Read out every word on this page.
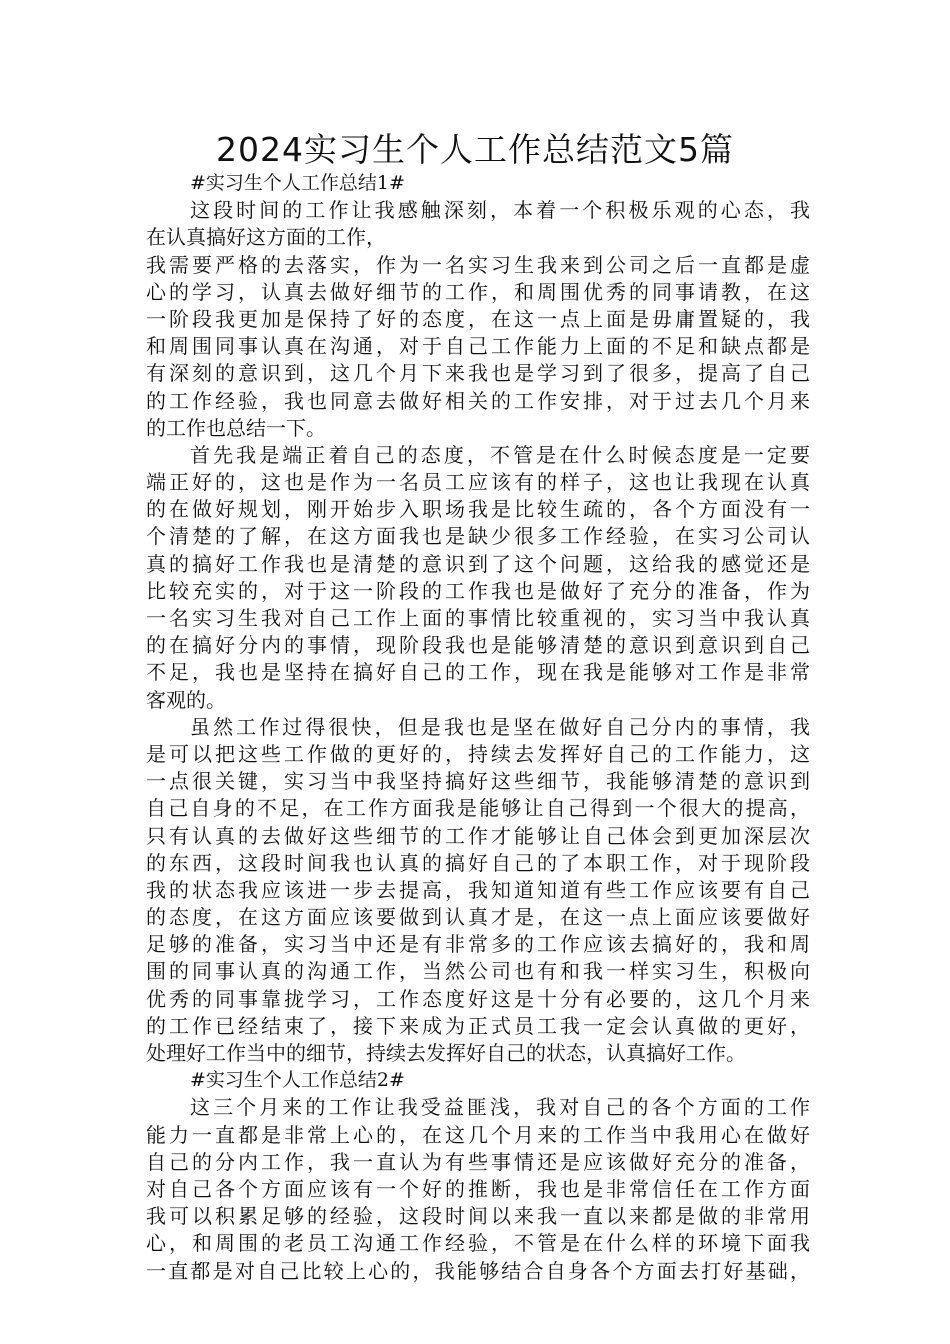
2024实习生个人工作总结范文5篇
#实习生个人工作总结1#
这段时间的工作让我感触深刻，本着一个积极乐观的心态，我
在认真搞好这方面的工作，
我需要严格的去落实，作为一名实习生我来到公司之后一直都是虚
心的学习，认真去做好细节的工作，和周围优秀的同事请教，在这
一阶段我更加是保持了好的态度，在这一点上面是毋庸置疑的，我
和周围同事认真在沟通，对于自己工作能力上面的不足和缺点都是
有深刻的意识到，这几个月下来我也是学习到了很多，提高了自己
的工作经验，我也同意去做好相关的工作安排，对于过去几个月来
的工作也总结一下。
首先我是端正着自己的态度，不管是在什么时候态度是一定要
端正好的，这也是作为一名员工应该有的样子，这也让我现在认真
的在做好规划，刚开始步入职场我是比较生疏的，各个方面没有一
个清楚的了解，在这方面我也是缺少很多工作经验，在实习公司认
真的搞好工作我也是清楚的意识到了这个问题，这给我的感觉还是
比较充实的，对于这一阶段的工作我也是做好了充分的准备，作为
一名实习生我对自己工作上面的事情比较重视的，实习当中我认真
的在搞好分内的事情，现阶段我也是能够清楚的意识到意识到自己
不足，我也是坚持在搞好自己的工作，现在我是能够对工作是非常
客观的。
虽然工作过得很快，但是我也是坚在做好自己分内的事情，我
是可以把这些工作做的更好的，持续去发挥好自己的工作能力，这
一点很关键，实习当中我坚持搞好这些细节，我能够清楚的意识到
自己自身的不足，在工作方面我是能够让自己得到一个很大的提高，
只有认真的去做好这些细节的工作才能够让自己体会到更加深层次
的东西，这段时间我也认真的搞好自己的了本职工作，对于现阶段
我的状态我应该进一步去提高，我知道知道有些工作应该要有自己
的态度，在这方面应该要做到认真才是，在这一点上面应该要做好
足够的准备，实习当中还是有非常多的工作应该去搞好的，我和周
围的同事认真的沟通工作，当然公司也有和我一样实习生，积极向
优秀的同事靠拢学习，工作态度好这是十分有必要的，这几个月来
的工作已经结束了，接下来成为正式员工我一定会认真做的更好，
处理好工作当中的细节，持续去发挥好自己的状态，认真搞好工作。
#实习生个人工作总结2#
这三个月来的工作让我受益匪浅，我对自己的各个方面的工作
能力一直都是非常上心的，在这几个月来的工作当中我用心在做好
自己的分内工作，我一直认为有些事情还是应该做好充分的准备，
对自己各个方面应该有一个好的推断，我也是非常信任在工作方面
我可以积累足够的经验，这段时间以来我一直以来都是做的非常用
心，和周围的老员工沟通工作经验，不管是在什么样的环境下面我
一直都是对自己比较上心的，我能够结合自身各个方面去打好基础，
